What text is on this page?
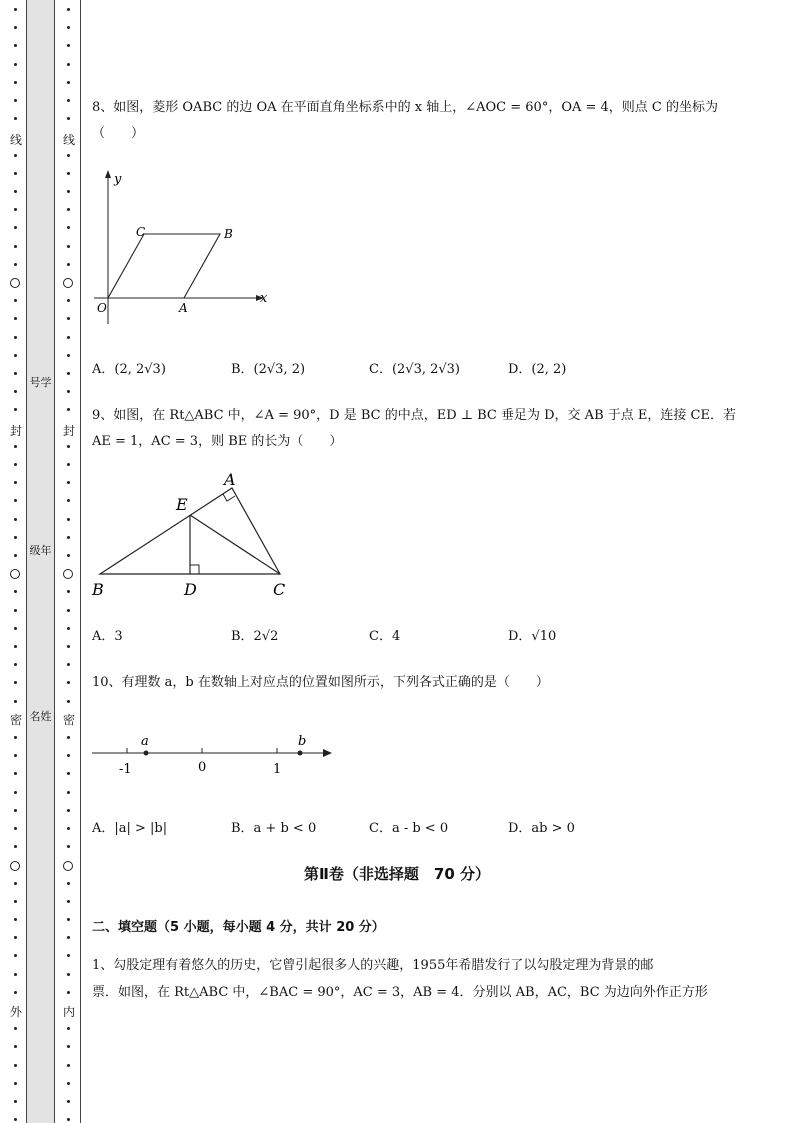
线
封
密
外
号学
级年
名姓
线
封
密
内
8、如图，菱形 OABC 的边 OA 在平面直角坐标系中的 x 轴上，∠AOC = 60°，OA = 4，则点 C 的坐标为
（　　）
y
x
O	A
B
C
A．(2, 2√3)	B．(2√3, 2)	C．(2√3, 2√3)	D．(2, 2)
9、如图，在 Rt△ABC 中，∠A = 90°，D 是 BC 的中点，ED ⊥ BC 垂足为 D，交 AB 于点 E，连接 CE．若
AE = 1，AC = 3，则 BE 的长为（　　）
A
E
B	D	C
A．3	B．2√2	C．4	D．√10
10、有理数 a，b 在数轴上对应点的位置如图所示，下列各式正确的是（　　）
a	b
-1	0	1
A．|a| > |b|	B．a + b < 0	C．a - b < 0	D．ab > 0
第Ⅱ卷（非选择题　70 分）
二、填空题（5 小题，每小题 4 分，共计 20 分）
1、勾股定理有着悠久的历史，它曾引起很多人的兴趣，1955年希腊发行了以勾股定理为背景的邮
票．如图，在 Rt△ABC 中，∠BAC = 90°，AC = 3，AB = 4．分别以 AB，AC，BC 为边向外作正方形
